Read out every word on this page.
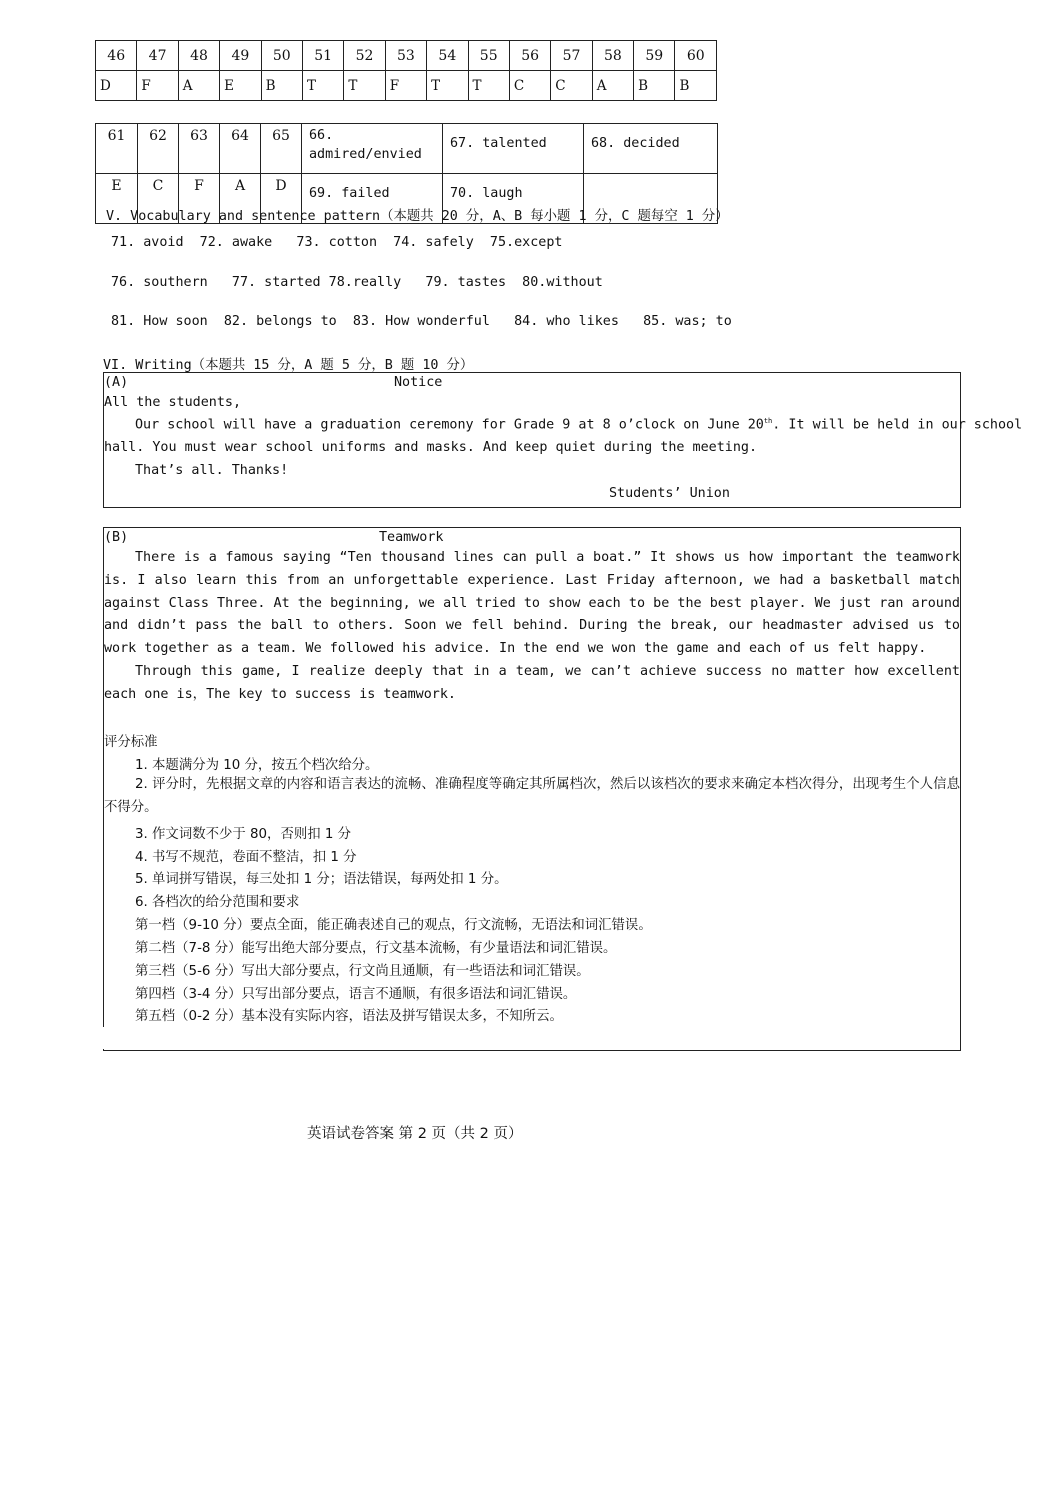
46	47	48	49	50	51	52	53	54	55	56	57	58	59	60
D	F	A	E	B	T	T	F	T	T	C	C	A	B	B
61	62	63	64	65	66. admired/envied	67. talented	68. decided
E	C	F	A	D	69. failed	70. laugh	
V. Vocabulary and sentence pattern（本题共 20 分，A、B 每小题 1 分，C 题每空 1 分）
71. avoid  72. awake   73. cotton  74. safely  75.except
76. southern   77. started 78.really   79. tastes  80.without
81. How soon  82. belongs to  83. How wonderful   84. who likes   85. was; to
VI. Writing（本题共 15 分，A 题 5 分，B 题 10 分）
(A)	Notice
All the students,
Our school will have a graduation ceremony for Grade 9 at 8 o’clock on June 20th. It will be held in our school
hall. You must wear school uniforms and masks. And keep quiet during the meeting.
That’s all. Thanks!
Students’ Union
(B)	Teamwork
There is a famous saying “Ten thousand lines can pull a boat.” It shows us how important the teamwork is. I also learn this from an unforgettable experience. Last Friday afternoon, we had a basketball match against Class Three. At the beginning, we all tried to show each to be the best player. We just ran around and didn’t pass the ball to others. Soon we fell behind. During the break, our headmaster advised us to work together as a team. We followed his advice. In the end we won the game and each of us felt happy.
Through this game, I realize deeply that in a team, we can’t achieve success no matter how excellent each one is，The key to success is teamwork.
评分标准
1. 本题满分为 10 分，按五个档次给分。
2. 评分时，先根据文章的内容和语言表达的流畅、准确程度等确定其所属档次，然后以该档次的要求来确定本档次得分，出现考生个人信息不得分。
3. 作文词数不少于 80，否则扣 1 分
4. 书写不规范，卷面不整洁，扣 1 分
5. 单词拼写错误，每三处扣 1 分；语法错误，每两处扣 1 分。
6. 各档次的给分范围和要求
第一档（9-10 分）要点全面，能正确表述自己的观点，行文流畅，无语法和词汇错误。
第二档（7-8 分）能写出绝大部分要点，行文基本流畅，有少量语法和词汇错误。
第三档（5-6 分）写出大部分要点，行文尚且通顺，有一些语法和词汇错误。
第四档（3-4 分）只写出部分要点，语言不通顺，有很多语法和词汇错误。
第五档（0-2 分）基本没有实际内容，语法及拼写错误太多，不知所云。
英语试卷答案 第 2 页（共 2 页）
